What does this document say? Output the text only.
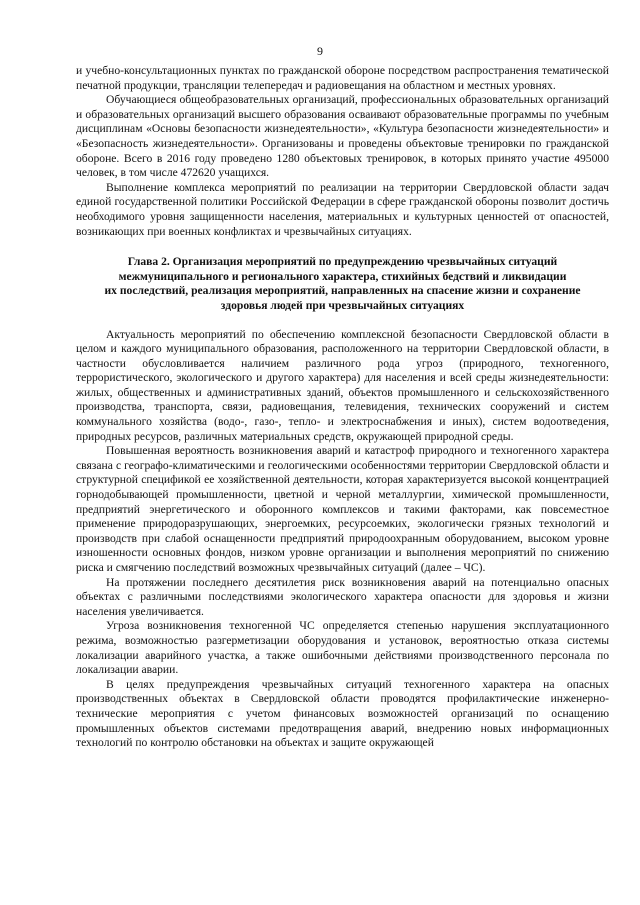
9

и учебно-консультационных пунктах по гражданской обороне посредством распространения тематической печатной продукции, трансляции телепередач и радиовещания на областном и местных уровнях.

Обучающиеся общеобразовательных организаций, профессиональных образовательных организаций и образовательных организаций высшего образования осваивают образовательные программы по учебным дисциплинам «Основы безопасности жизнедеятельности», «Культура безопасности жизнедеятельности» и «Безопасность жизнедеятельности». Организованы и проведены объектовые тренировки по гражданской обороне. Всего в 2016 году проведено 1280 объектовых тренировок, в которых принято участие 495000 человек, в том числе 472620 учащихся.

Выполнение комплекса мероприятий по реализации на территории Свердловской области задач единой государственной политики Российской Федерации в сфере гражданской обороны позволит достичь необходимого уровня защищенности населения, материальных и культурных ценностей от опасностей, возникающих при военных конфликтах и чрезвычайных ситуациях.

Глава 2. Организация мероприятий по предупреждению чрезвычайных ситуаций
межмуниципального и регионального характера, стихийных бедствий и ликвидации
их последствий, реализация мероприятий, направленных на спасение жизни и сохранение
здоровья людей при чрезвычайных ситуациях

Актуальность мероприятий по обеспечению комплексной безопасности Свердловской области в целом и каждого муниципального образования, расположенного на территории Свердловской области, в частности обусловливается наличием различного рода угроз (природного, техногенного, террористического, экологического и другого характера) для населения и всей среды жизнедеятельности: жилых, общественных и административных зданий, объектов промышленного и сельскохозяйственного производства, транспорта, связи, радиовещания, телевидения, технических сооружений и систем коммунального хозяйства (водо-, газо-, тепло- и электроснабжения и иных), систем водоотведения, природных ресурсов, различных материальных средств, окружающей природной среды.

Повышенная вероятность возникновения аварий и катастроф природного и техногенного характера связана с географо-климатическими и геологическими особенностями территории Свердловской области и структурной спецификой ее хозяйственной деятельности, которая характеризуется высокой концентрацией горнодобывающей промышленности, цветной и черной металлургии, химической промышленности, предприятий энергетического и оборонного комплексов и такими факторами, как повсеместное применение природоразрушающих, энергоемких, ресурсоемких, экологически грязных технологий и производств при слабой оснащенности предприятий природоохранным оборудованием, высоком уровне изношенности основных фондов, низком уровне организации и выполнения мероприятий по снижению риска и смягчению последствий возможных чрезвычайных ситуаций (далее – ЧС).

На протяжении последнего десятилетия риск возникновения аварий на потенциально опасных объектах с различными последствиями экологического характера опасности для здоровья и жизни населения увеличивается.

Угроза возникновения техногенной ЧС определяется степенью нарушения эксплуатационного режима, возможностью разгерметизации оборудования и установок, вероятностью отказа системы локализации аварийного участка, а также ошибочными действиями производственного персонала по локализации аварии.

В целях предупреждения чрезвычайных ситуаций техногенного характера на опасных производственных объектах в Свердловской области проводятся профилактические инженерно-технические мероприятия с учетом финансовых возможностей организаций по оснащению промышленных объектов системами предотвращения аварий, внедрению новых информационных технологий по контролю обстановки на объектах и защите окружающей
